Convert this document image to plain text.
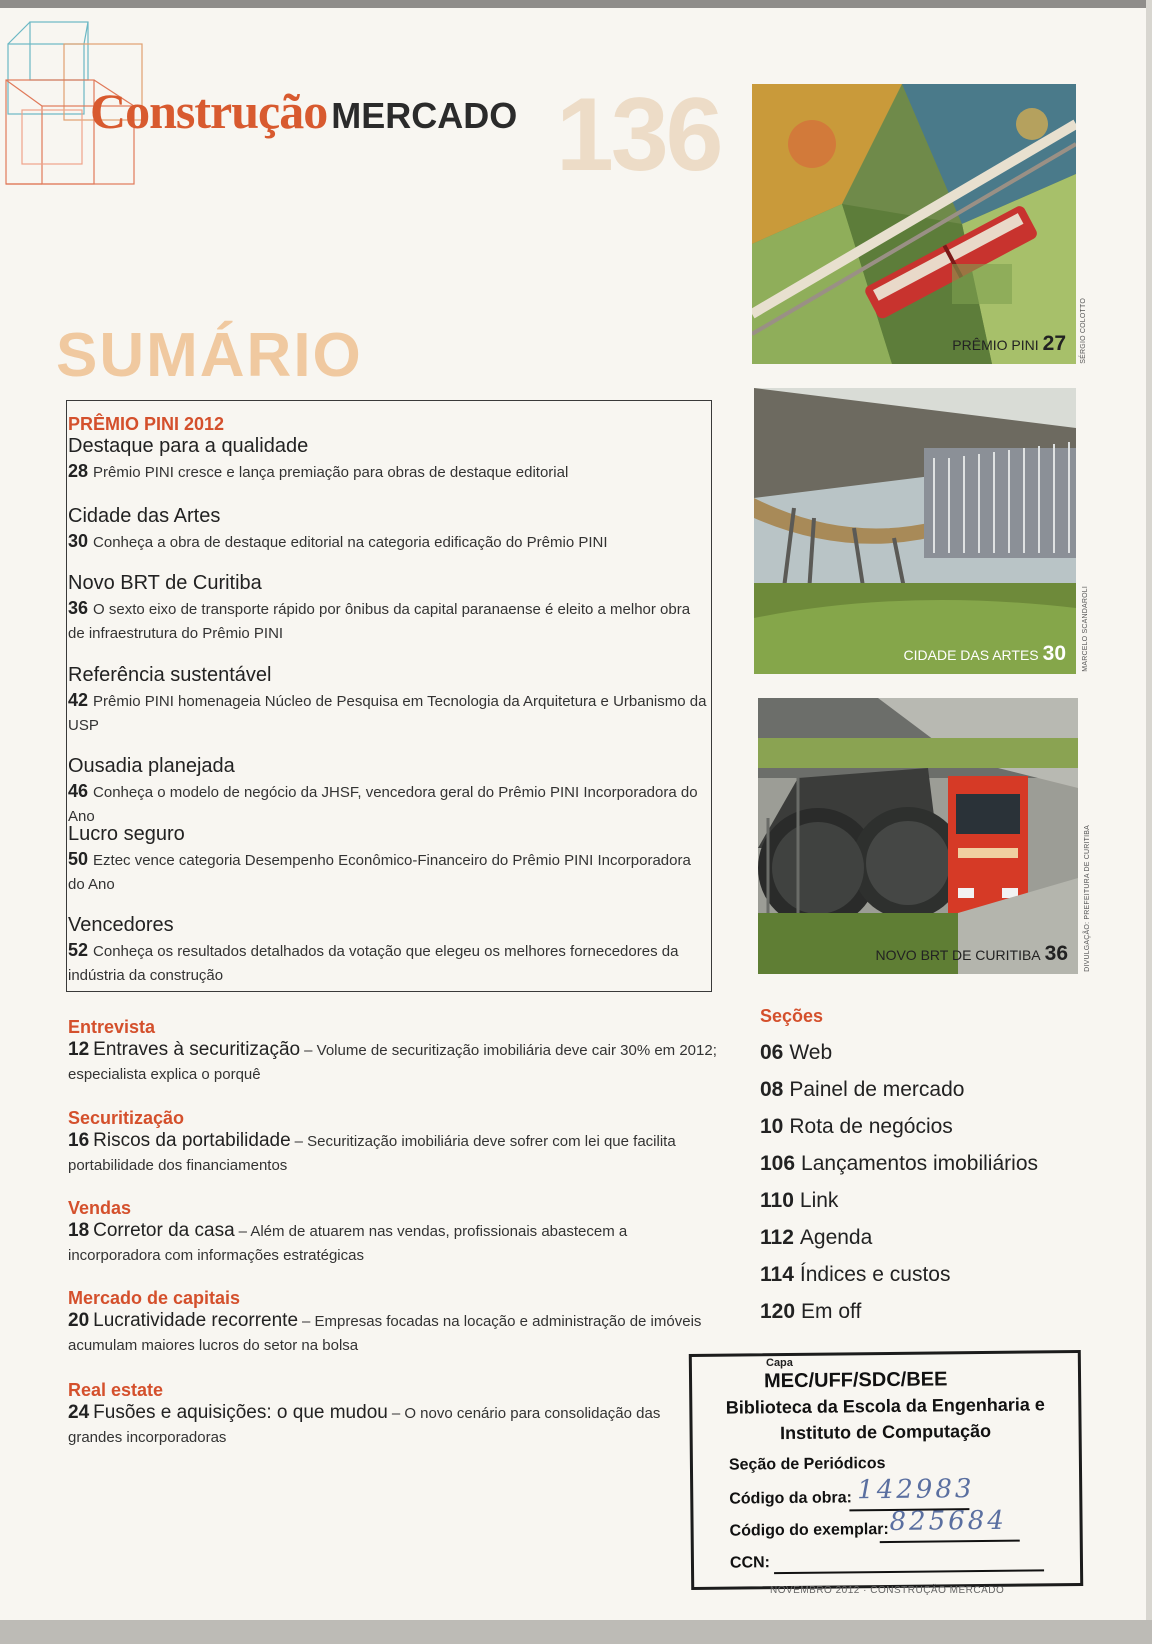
Construção MERCADO 136
SUMÁRIO
PRÊMIO PINI 2012
Destaque para a qualidade
28 Prêmio PINI cresce e lança premiação para obras de destaque editorial
Cidade das Artes
30 Conheça a obra de destaque editorial na categoria edificação do Prêmio PINI
Novo BRT de Curitiba
36 O sexto eixo de transporte rápido por ônibus da capital paranaense é eleito a melhor obra de infraestrutura do Prêmio PINI
Referência sustentável
42 Prêmio PINI homenageia Núcleo de Pesquisa em Tecnologia da Arquitetura e Urbanismo da USP
Ousadia planejada
46 Conheça o modelo de negócio da JHSF, vencedora geral do Prêmio PINI Incorporadora do Ano
Lucro seguro
50 Eztec vence categoria Desempenho Econômico-Financeiro do Prêmio PINI Incorporadora do Ano
Vencedores
52 Conheça os resultados detalhados da votação que elegeu os melhores fornecedores da indústria da construção
Entrevista
12 Entraves à securitização – Volume de securitização imobiliária deve cair 30% em 2012; especialista explica o porquê
Securitização
16 Riscos da portabilidade – Securitização imobiliária deve sofrer com lei que facilita portabilidade dos financiamentos
Vendas
18 Corretor da casa – Além de atuarem nas vendas, profissionais abastecem a incorporadora com informações estratégicas
Mercado de capitais
20 Lucratividade recorrente – Empresas focadas na locação e administração de imóveis acumulam maiores lucros do setor na bolsa
Real estate
24 Fusões e aquisições: o que mudou – O novo cenário para consolidação das grandes incorporadoras
PRÊMIO PINI 27 SÉRGIO COLOTTO
CIDADE DAS ARTES 30 MARCELO SCANDAROLI
NOVO BRT DE CURITIBA 36 DIVULGAÇÃO: PREFEITURA DE CURITIBA
Seções
06 Web
08 Painel de mercado
10 Rota de negócios
106 Lançamentos imobiliários
110 Link
112 Agenda
114 Índices e custos
120 Em off
Capa
MEC/UFF/SDC/BEE
Biblioteca da Escola da Engenharia e
Instituto de Computação
Seção de Periódicos
Código da obra: 142983
Código do exemplar: 825684
CCN:
NOVEMBRO 2012 · CONSTRUÇÃO MERCADO
